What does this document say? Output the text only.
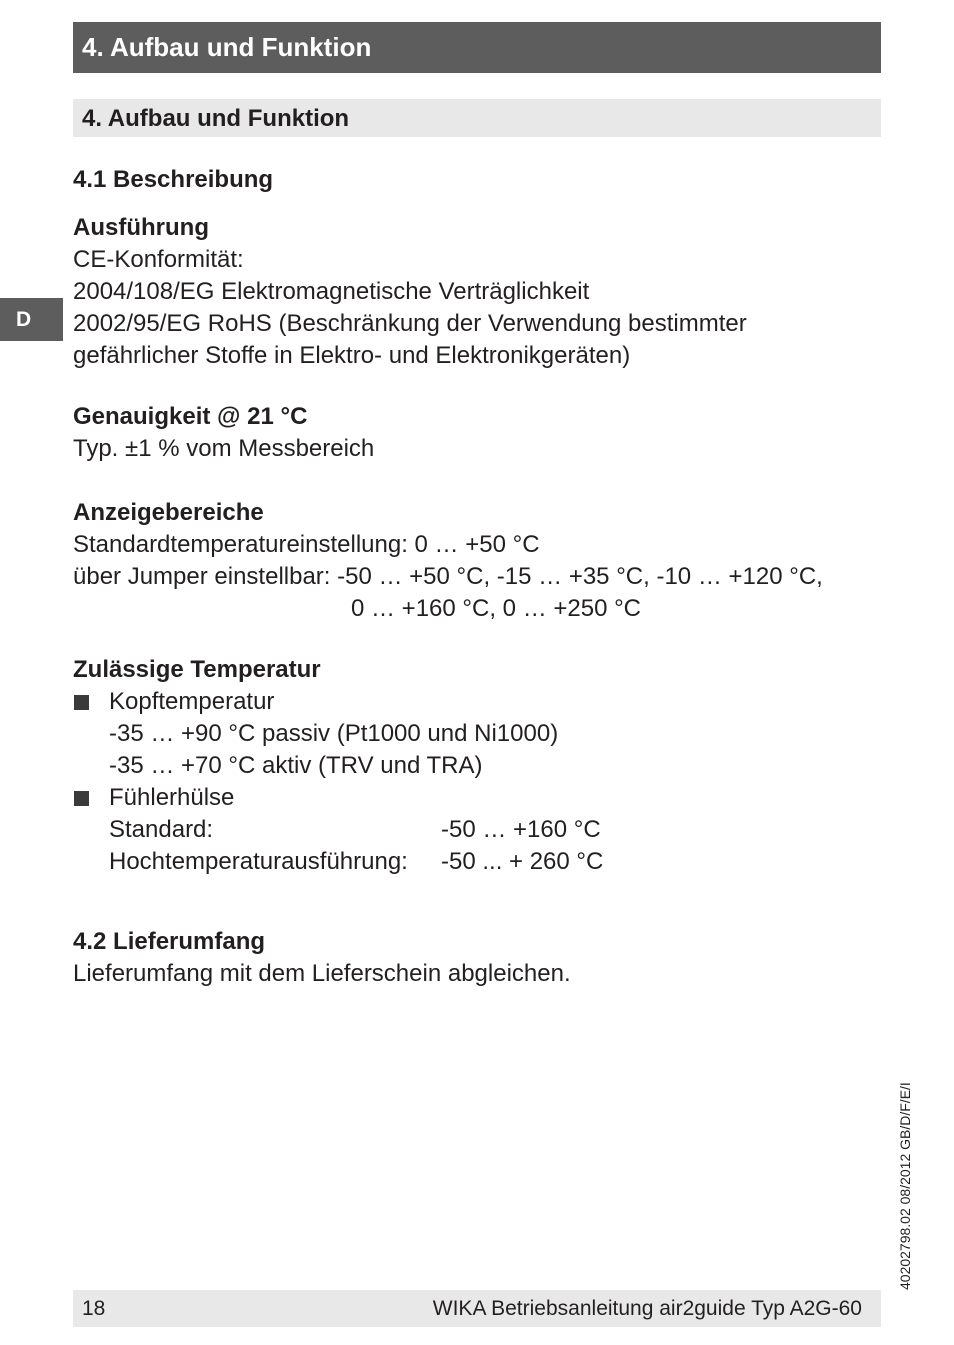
4. Aufbau und Funktion
4. Aufbau und Funktion
D
4.1 Beschreibung
Ausführung
CE-Konformität:
2004/108/EG Elektromagnetische Verträglichkeit
2002/95/EG RoHS (Beschränkung der Verwendung bestimmter
gefährlicher Stoffe in Elektro- und Elektronikgeräten)
Genauigkeit @ 21 °C
Typ. ±1 % vom Messbereich
Anzeigebereiche
Standardtemperatureinstellung: 0 … +50 °C
über Jumper einstellbar: -50 … +50 °C, -15 … +35 °C, -10 … +120 °C,
0 … +160 °C, 0 … +250 °C
Zulässige Temperatur
Kopftemperatur
-35 … +90 °C passiv (Pt1000 und Ni1000)
-35 … +70 °C aktiv (TRV und TRA)
Fühlerhülse
Standard:	-50 … +160 °C
Hochtemperaturausführung: -50 ... + 260 °C
4.2 Lieferumfang
Lieferumfang mit dem Lieferschein abgleichen.
40202798.02 08/2012 GB/D/F/E/I
18	WIKA Betriebsanleitung air2guide Typ A2G-60
